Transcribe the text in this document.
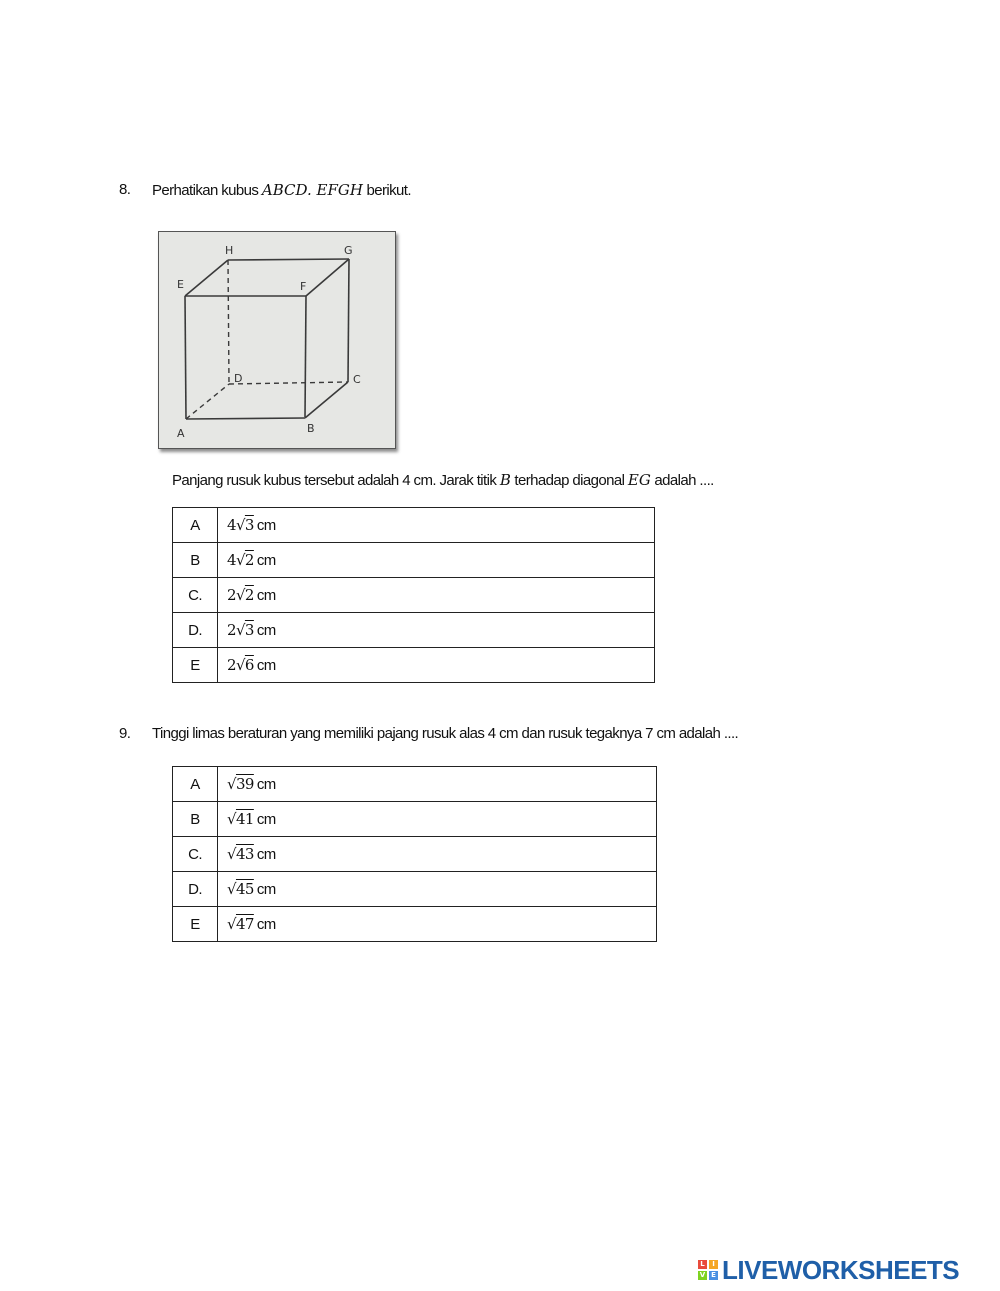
8. Perhatikan kubus ABCD. EFGH berikut.
H	G
E	F
D	C
A	B
Panjang rusuk kubus tersebut adalah 4 cm. Jarak titik B terhadap diagonal EG adalah ....
A	4√3 cm
B	4√2 cm
C.	2√2 cm
D.	2√3 cm
E	2√6 cm
9. Tinggi limas beraturan yang memiliki pajang rusuk alas 4 cm dan rusuk tegaknya 7 cm adalah ....
A	√39 cm
B	√41 cm
C.	√43 cm
D.	√45 cm
E	√47 cm
L	I
V E LIVEWORKSHEETS
